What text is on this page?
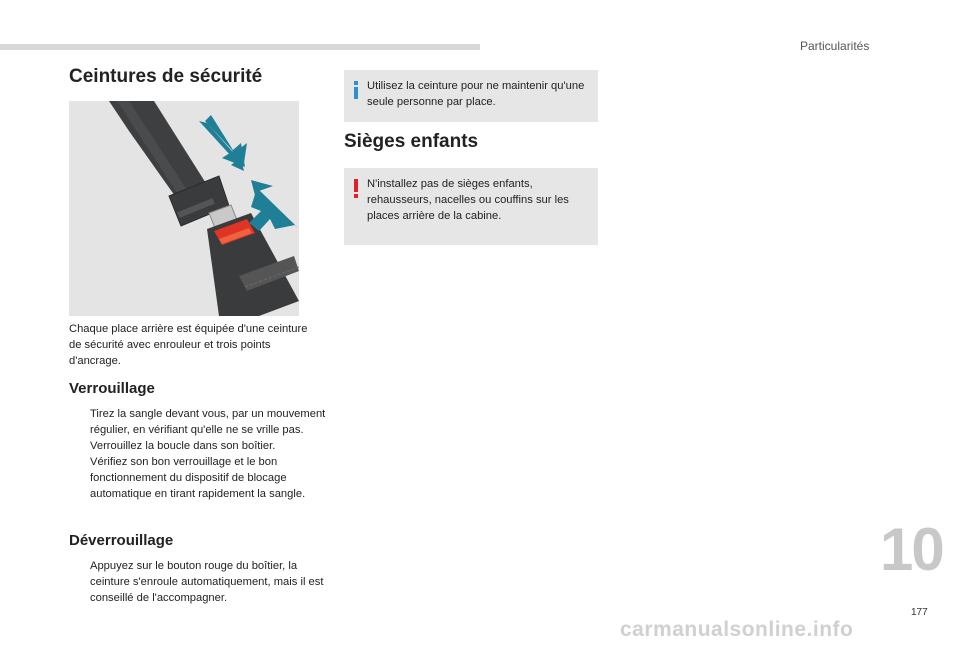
Particularités
Ceintures de sécurité
Chaque place arrière est équipée d'une ceinture de sécurité avec enrouleur et trois points d'ancrage.
Verrouillage
Tirez la sangle devant vous, par un mouvement régulier, en vérifiant qu'elle ne se vrille pas.
Verrouillez la boucle dans son boîtier.
Vérifiez son bon verrouillage et le bon fonctionnement du dispositif de blocage automatique en tirant rapidement la sangle.
Déverrouillage
Appuyez sur le bouton rouge du boîtier, la ceinture s'enroule automatiquement, mais il est conseillé de l'accompagner.
Utilisez la ceinture pour ne maintenir qu'une seule personne par place.
Sièges enfants
N'installez pas de sièges enfants, rehausseurs, nacelles ou couffins sur les places arrière de la cabine.
10
177
carmanualsonline.info
